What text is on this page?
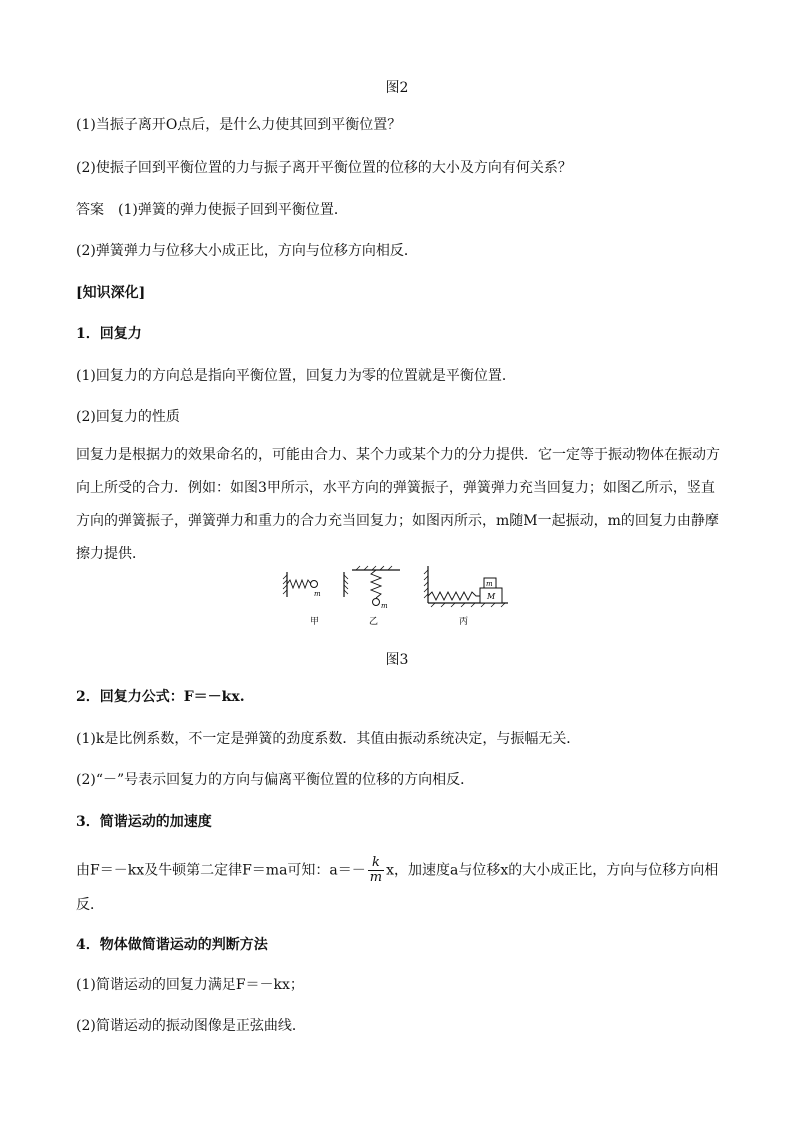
图2
(1)当振子离开O点后，是什么力使其回到平衡位置？
(2)使振子回到平衡位置的力与振子离开平衡位置的位移的大小及方向有何关系？
答案 (1)弹簧的弹力使振子回到平衡位置．
(2)弹簧弹力与位移大小成正比，方向与位移方向相反．
[知识深化]
1．回复力
(1)回复力的方向总是指向平衡位置，回复力为零的位置就是平衡位置．
(2)回复力的性质
回复力是根据力的效果命名的，可能由合力、某个力或某个力的分力提供．它一定等于振动物体在振动方向上所受的合力．例如：如图3甲所示，水平方向的弹簧振子，弹簧弹力充当回复力；如图乙所示，竖直方向的弹簧振子，弹簧弹力和重力的合力充当回复力；如图丙所示，m随M一起振动，m的回复力由静摩擦力提供．
m
m
m
M
甲	乙	丙
图3
2．回复力公式：F＝－kx.
(1)k是比例系数，不一定是弹簧的劲度系数．其值由振动系统决定，与振幅无关．
(2)“－”号表示回复力的方向与偏离平衡位置的位移的方向相反．
3．简谐运动的加速度
由F＝－kx及牛顿第二定律F＝ma可知：$a=- \frac{k}{m}$ x，加速度a与位移x的大小成正比，方向与位移方向相
反．
4．物体做简谐运动的判断方法
(1)简谐运动的回复力满足F＝－kx；
(2)简谐运动的振动图像是正弦曲线．
